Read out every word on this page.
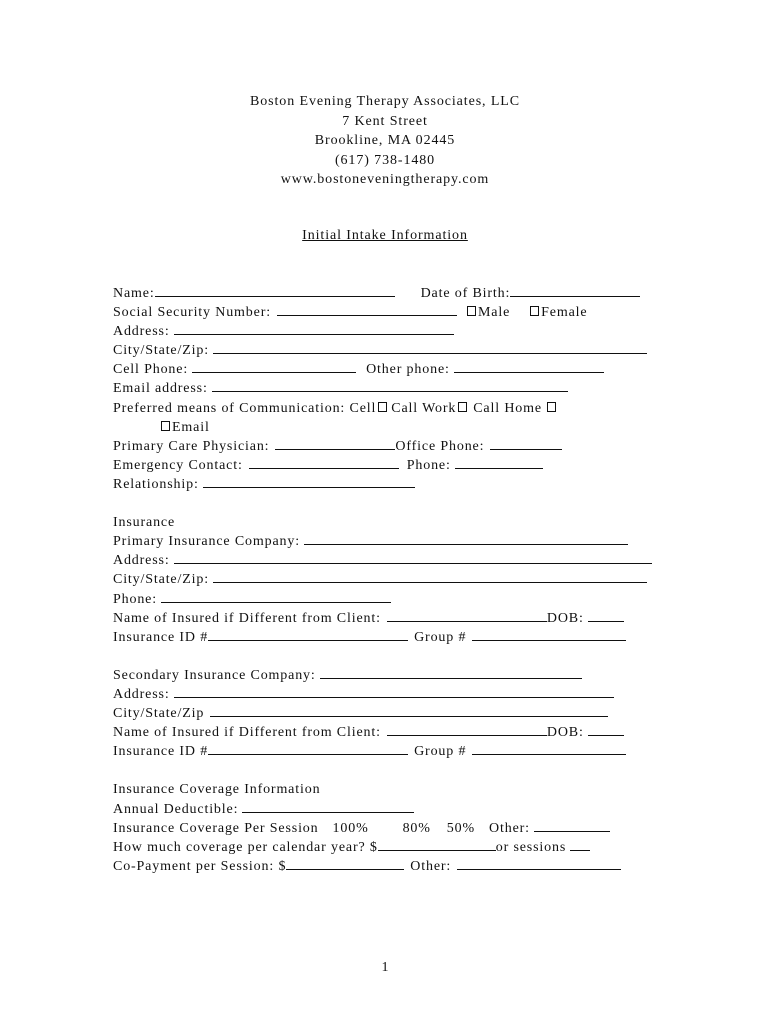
Boston Evening Therapy Associates, LLC
7 Kent Street
Brookline, MA 02445
(617) 738-1480
www.bostoneveningtherapy.com
Initial Intake Information
Name:	Date of Birth:
Social Security Number:	Male Female
Address:
City/State/Zip:
Cell Phone:	Other phone:
Email address:
Preferred means of Communication: Cell Call Work Call Home
Email
Primary Care Physician:	Office Phone:
Emergency Contact:	Phone:
Relationship:
Insurance
Primary Insurance Company:
Address:
City/State/Zip:
Phone:
Name of Insured if Different from Client:	DOB:
Insurance ID #	Group #
Secondary Insurance Company:
Address:
City/State/Zip
Name of Insured if Different from Client:	DOB:
Insurance ID #	Group #
Insurance Coverage Information
Annual Deductible:
Insurance Coverage Per Session 100% 80% 50% Other:
How much coverage per calendar year? $	or sessions
Co-Payment per Session: $	Other:
1
